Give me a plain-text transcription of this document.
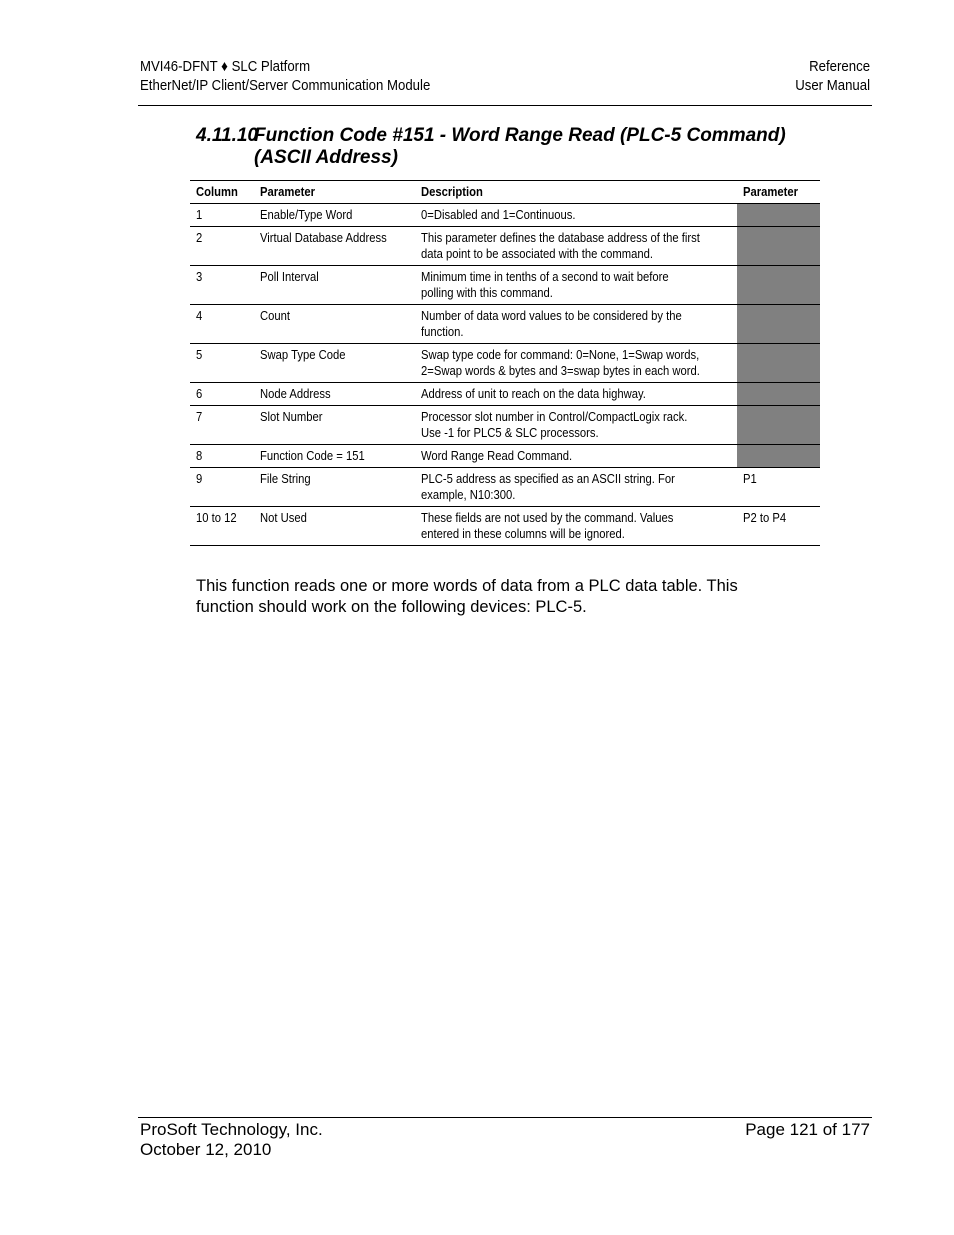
MVI46-DFNT ♦ SLC Platform
EtherNet/IP Client/Server Communication Module
Reference
User Manual
4.11.10Function Code #151 - Word Range Read (PLC-5 Command)
(ASCII Address)
Column	Parameter	Description	Parameter
1	Enable/Type Word	0=Disabled and 1=Continuous.	
2	Virtual Database Address	This parameter defines the database address of the first
data point to be associated with the command.	
3	Poll Interval	Minimum time in tenths of a second to wait before
polling with this command.	
4	Count	Number of data word values to be considered by the
function.	
5	Swap Type Code	Swap type code for command: 0=None, 1=Swap words,
2=Swap words & bytes and 3=swap bytes in each word.	
6	Node Address	Address of unit to reach on the data highway.	
7	Slot Number	Processor slot number in Control/CompactLogix rack.
Use -1 for PLC5 & SLC processors.	
8	Function Code = 151	Word Range Read Command.	
9	File String	PLC-5 address as specified as an ASCII string. For
example, N10:300.	P1
10 to 12	Not Used	These fields are not used by the command. Values
entered in these columns will be ignored.	P2 to P4
This function reads one or more words of data from a PLC data table. This
function should work on the following devices: PLC-5.
ProSoft Technology, Inc.
October 12, 2010
Page 121 of 177
